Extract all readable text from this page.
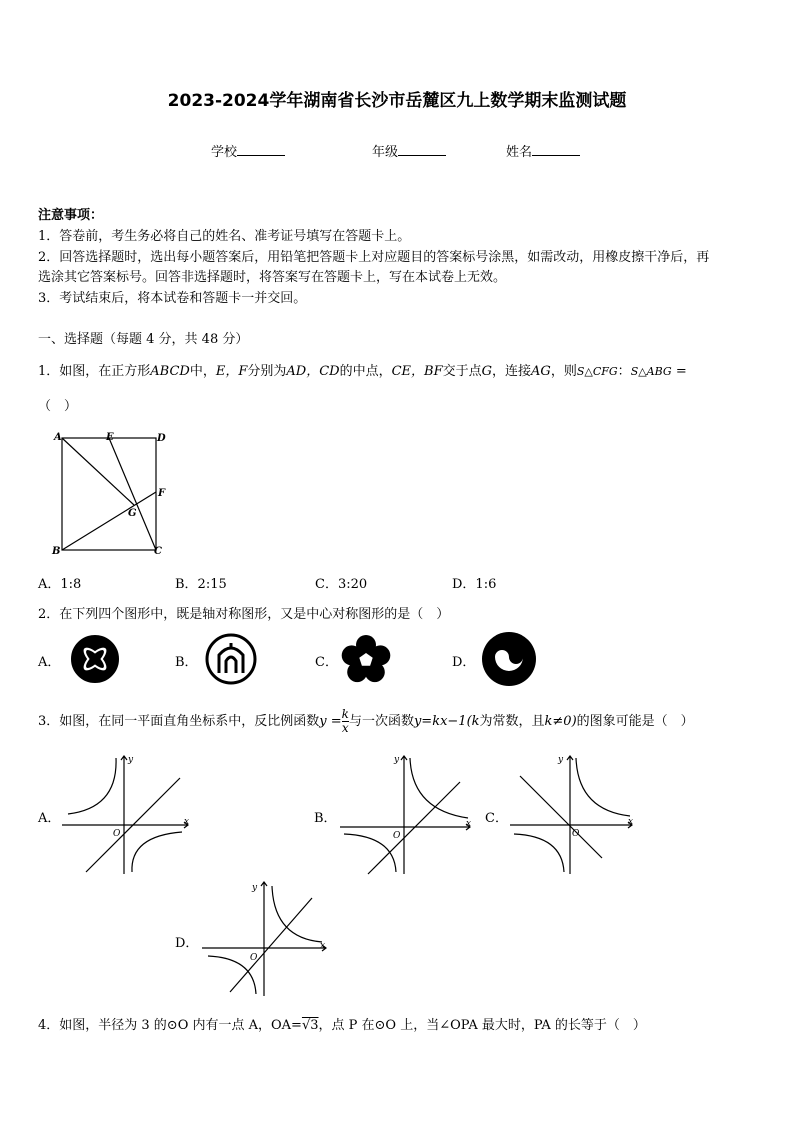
2023-2024学年湖南省长沙市岳麓区九上数学期末监测试题
学校	年级	姓名
注意事项：
1．答卷前，考生务必将自己的姓名、准考证号填写在答题卡上。
2．回答选择题时，选出每小题答案后，用铅笔把答题卡上对应题目的答案标号涂黑，如需改动，用橡皮擦干净后，再
选涂其它答案标号。回答非选择题时，将答案写在答题卡上，写在本试卷上无效。
3．考试结束后，将本试卷和答题卡一并交回。
一、选择题（每题 4 分，共 48 分）
1．如图，在正方形ABCD中，E，F分别为AD，CD的中点，CE，BF交于点G，连接AG，则S△CFG：S△ABG =
（　）
A	E	D
F
G
B	C
A．1:8	B．2:15	C．3:20	D．1:6
2．在下列四个图形中，既是轴对称图形，又是中心对称图形的是（　）
A．	B．	C．	D．
3．如图，在同一平面直角坐标系中，反比例函数$y = \frac{k}{x}$ 与一次函数y=kx−1(k为常数，且k≠0)的图象可能是（　）
A．
y
x
O
B．
y
x
O
C．
y
x
O
D．
y
x
O
4．如图，半径为 3 的⊙O 内有一点 A，OA=√3，点 P 在⊙O 上，当∠OPA 最大时，PA 的长等于（　）
